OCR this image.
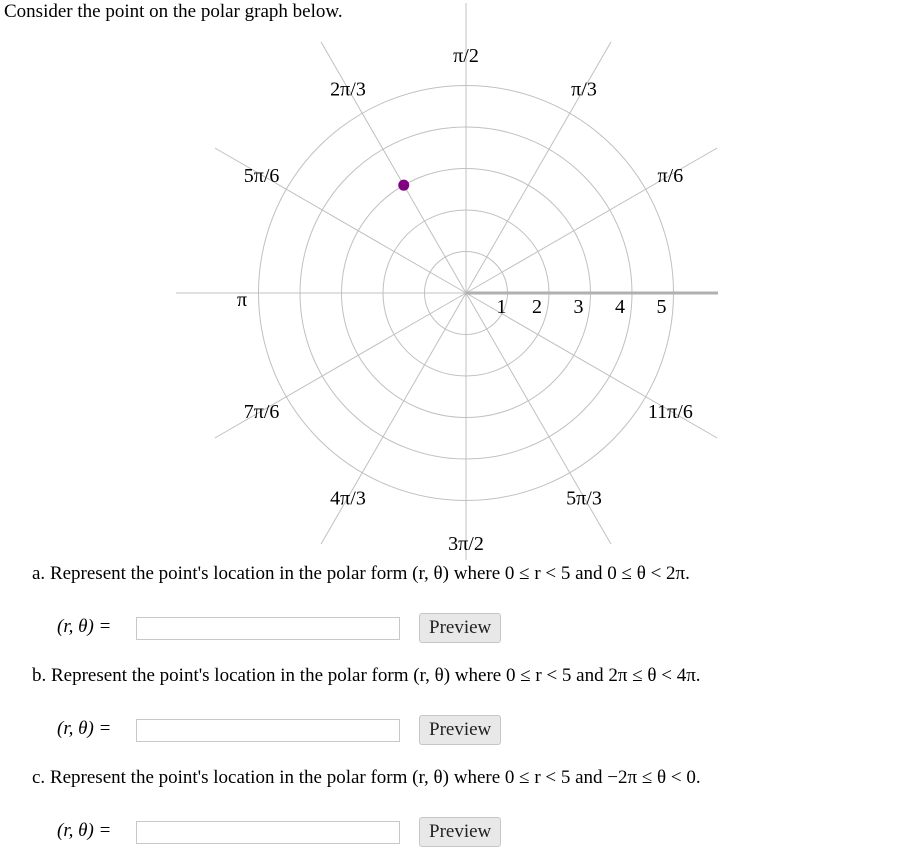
Consider the point on the polar graph below.
1 2 3 4 5
π/2
2π/3	π/3
5π/6	π/6
π
7π/6	11π/6
4π/3	5π/3
3π/2
a. Represent the point's location in the polar form (r, θ) where 0 ≤ r < 5 and 0 ≤ θ < 2π.
(r, θ) =	Preview
b. Represent the point's location in the polar form (r, θ) where 0 ≤ r < 5 and 2π ≤ θ < 4π.
(r, θ) =	Preview
c. Represent the point's location in the polar form (r, θ) where 0 ≤ r < 5 and −2π ≤ θ < 0.
(r, θ) =	Preview
